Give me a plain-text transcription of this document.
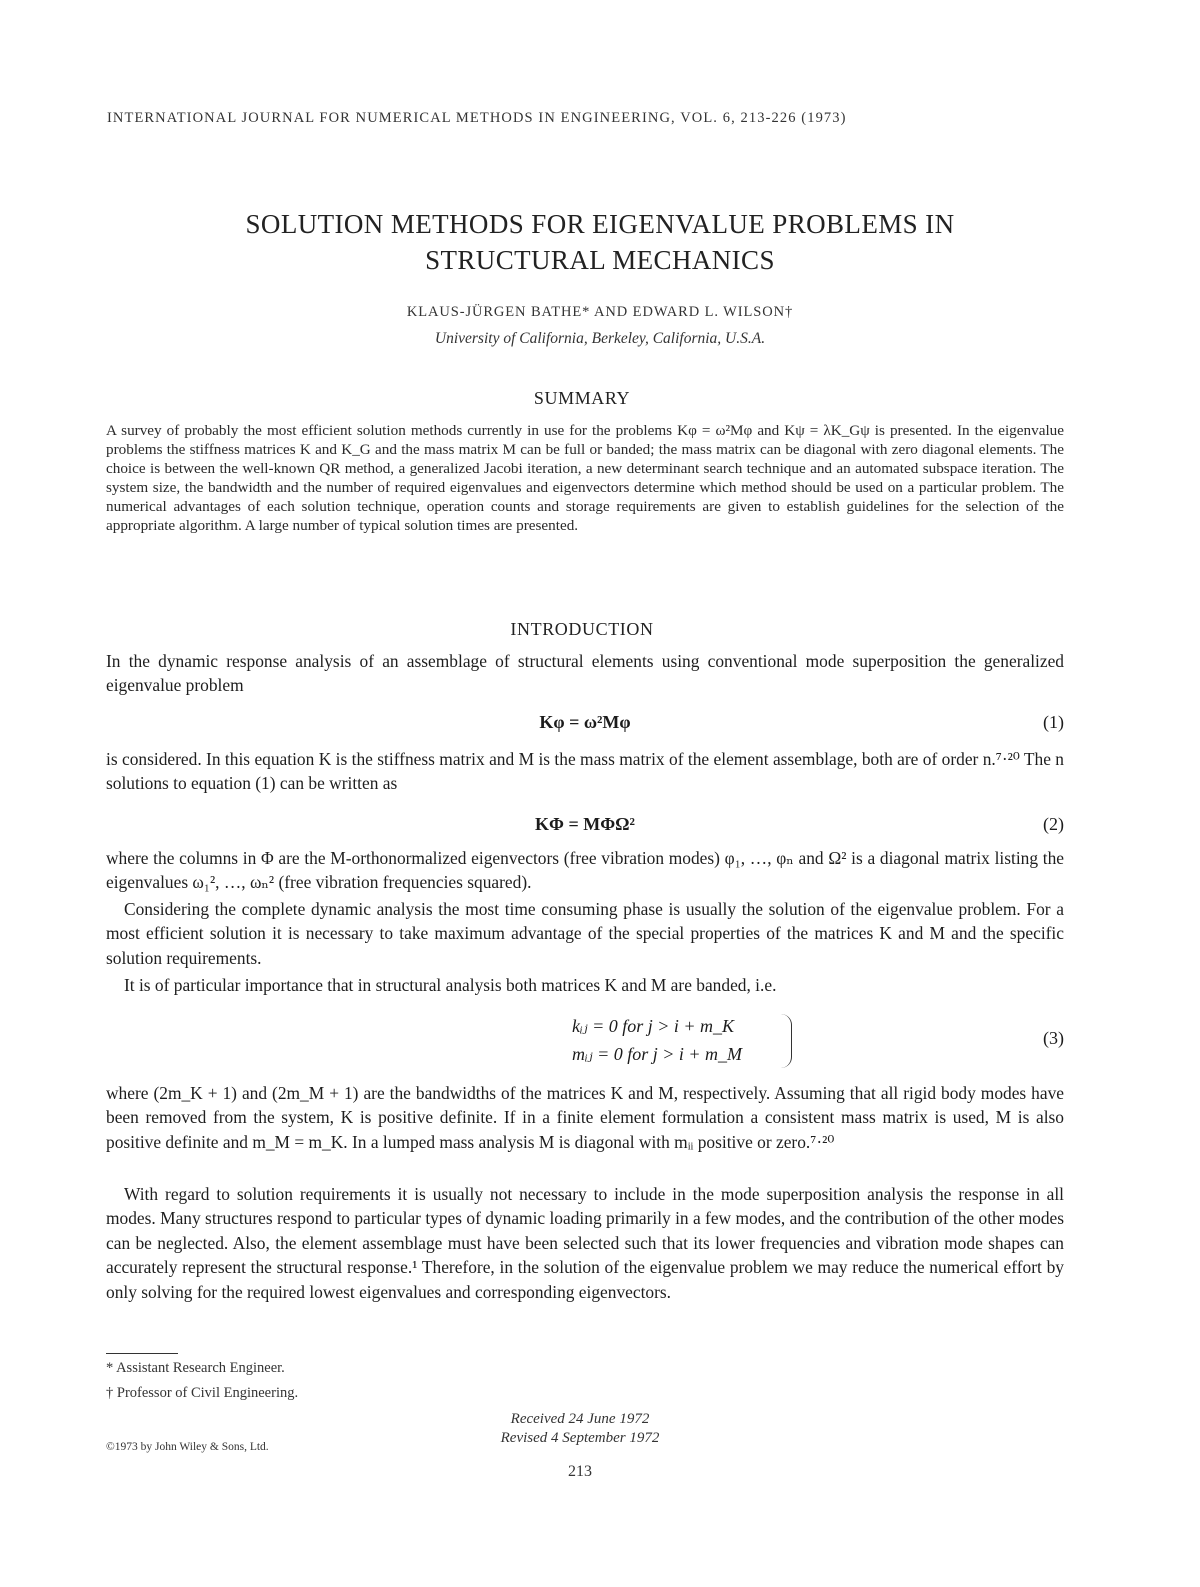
INTERNATIONAL JOURNAL FOR NUMERICAL METHODS IN ENGINEERING, VOL. 6, 213-226 (1973)
SOLUTION METHODS FOR EIGENVALUE PROBLEMS IN
STRUCTURAL MECHANICS
KLAUS-JÜRGEN BATHE* AND EDWARD L. WILSON†
University of California, Berkeley, California, U.S.A.
SUMMARY
A survey of probably the most efficient solution methods currently in use for the problems Kφ = ω²Mφ and Kψ = λK_Gψ is presented. In the eigenvalue problems the stiffness matrices K and K_G and the mass matrix M can be full or banded; the mass matrix can be diagonal with zero diagonal elements. The choice is between the well-known QR method, a generalized Jacobi iteration, a new determinant search technique and an automated subspace iteration. The system size, the bandwidth and the number of required eigenvalues and eigenvectors determine which method should be used on a particular problem. The numerical advantages of each solution technique, operation counts and storage requirements are given to establish guidelines for the selection of the appropriate algorithm. A large number of typical solution times are presented.
INTRODUCTION
In the dynamic response analysis of an assemblage of structural elements using conventional mode superposition the generalized eigenvalue problem
Kφ = ω²Mφ	(1)
is considered. In this equation K is the stiffness matrix and M is the mass matrix of the element assemblage, both are of order n.⁷·²⁰ The n solutions to equation (1) can be written as
KΦ = MΦΩ²	(2)
where the columns in Φ are the M-orthonormalized eigenvectors (free vibration modes) φ₁, …, φₙ and Ω² is a diagonal matrix listing the eigenvalues ω₁², …, ωₙ² (free vibration frequencies squared).
Considering the complete dynamic analysis the most time consuming phase is usually the solution of the eigenvalue problem. For a most efficient solution it is necessary to take maximum advantage of the special properties of the matrices K and M and the specific solution requirements.
It is of particular importance that in structural analysis both matrices K and M are banded, i.e.
kᵢⱼ = 0 for j > i + m_K
mᵢⱼ = 0 for j > i + m_M
(3)
where (2m_K + 1) and (2m_M + 1) are the bandwidths of the matrices K and M, respectively. Assuming that all rigid body modes have been removed from the system, K is positive definite. If in a finite element formulation a consistent mass matrix is used, M is also positive definite and m_M = m_K. In a lumped mass analysis M is diagonal with mᵢᵢ positive or zero.⁷·²⁰
With regard to solution requirements it is usually not necessary to include in the mode superposition analysis the response in all modes. Many structures respond to particular types of dynamic loading primarily in a few modes, and the contribution of the other modes can be neglected. Also, the element assemblage must have been selected such that its lower frequencies and vibration mode shapes can accurately represent the structural response.¹ Therefore, in the solution of the eigenvalue problem we may reduce the numerical effort by only solving for the required lowest eigenvalues and corresponding eigenvectors.
* Assistant Research Engineer.
† Professor of Civil Engineering.
Received 24 June 1972
Revised 4 September 1972
©1973 by John Wiley & Sons, Ltd.
213
